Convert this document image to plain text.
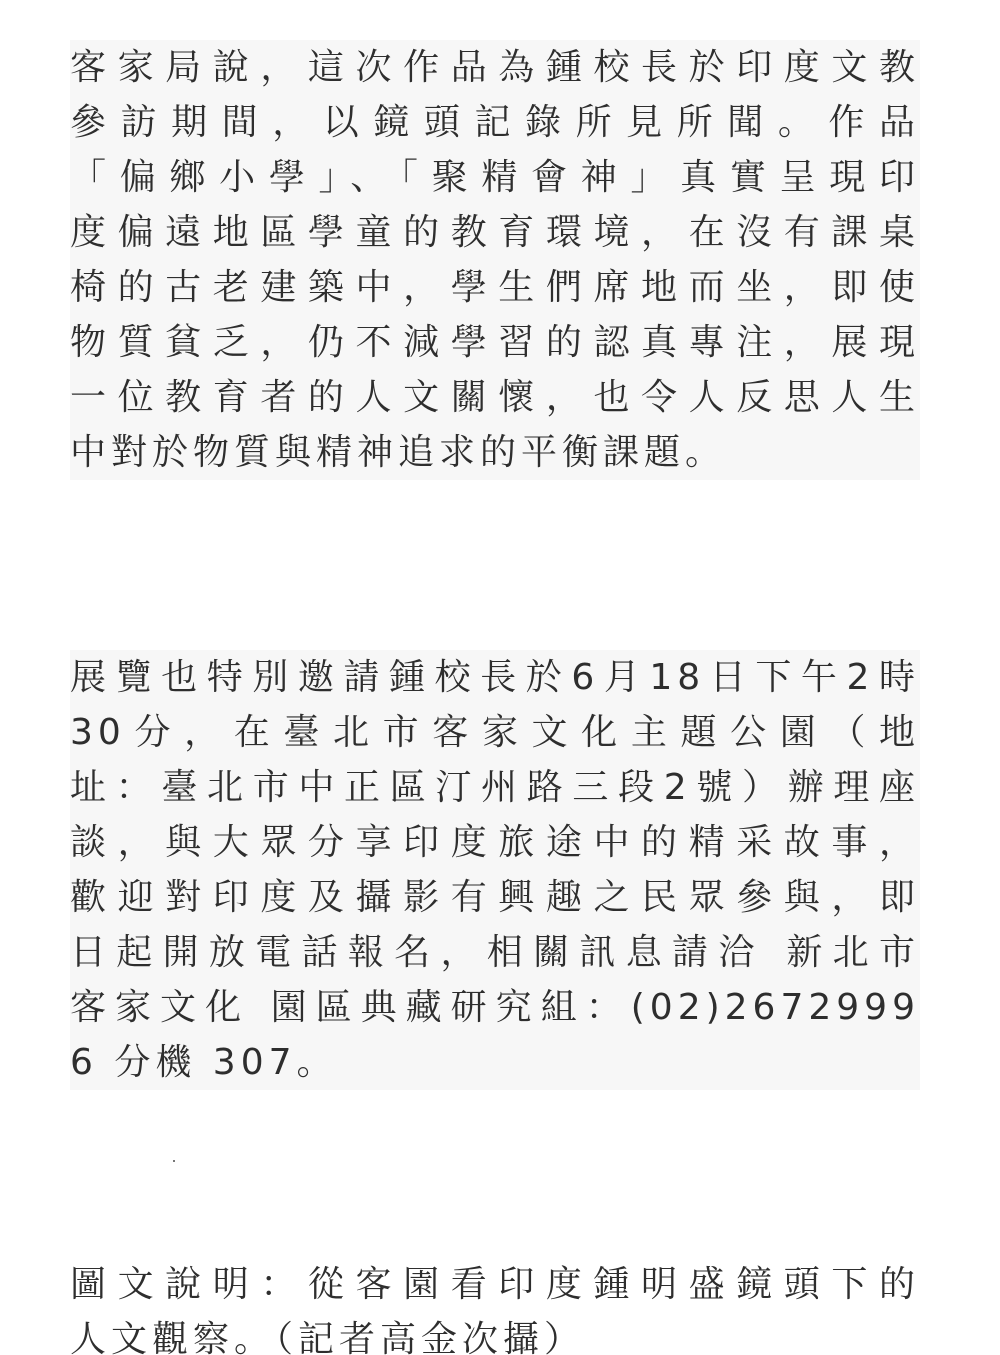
客家局說，這次作品為鍾校長於印度文教
參訪期間，以鏡頭記錄所見所聞。作品
「偏鄉小學」、「聚精會神」真實呈現印
度偏遠地區學童的教育環境，在沒有課桌
椅的古老建築中，學生們席地而坐，即使
物質貧乏，仍不減學習的認真專注，展現
一位教育者的人文關懷，也令人反思人生
中對於物質與精神追求的平衡課題。
展覽也特別邀請鍾校長於6月18日下午2時
30分，在臺北市客家文化主題公園（地
址：臺北市中正區汀州路三段2號）辦理座
談，與大眾分享印度旅途中的精采故事，
歡迎對印度及攝影有興趣之民眾參與，即
日起開放電話報名，相關訊息請洽 新北市
客家文化 園區典藏研究組：(02)2672999
6 分機 307。
圖文說明：從客園看印度鍾明盛鏡頭下的
人文觀察。（記者高金次攝）
